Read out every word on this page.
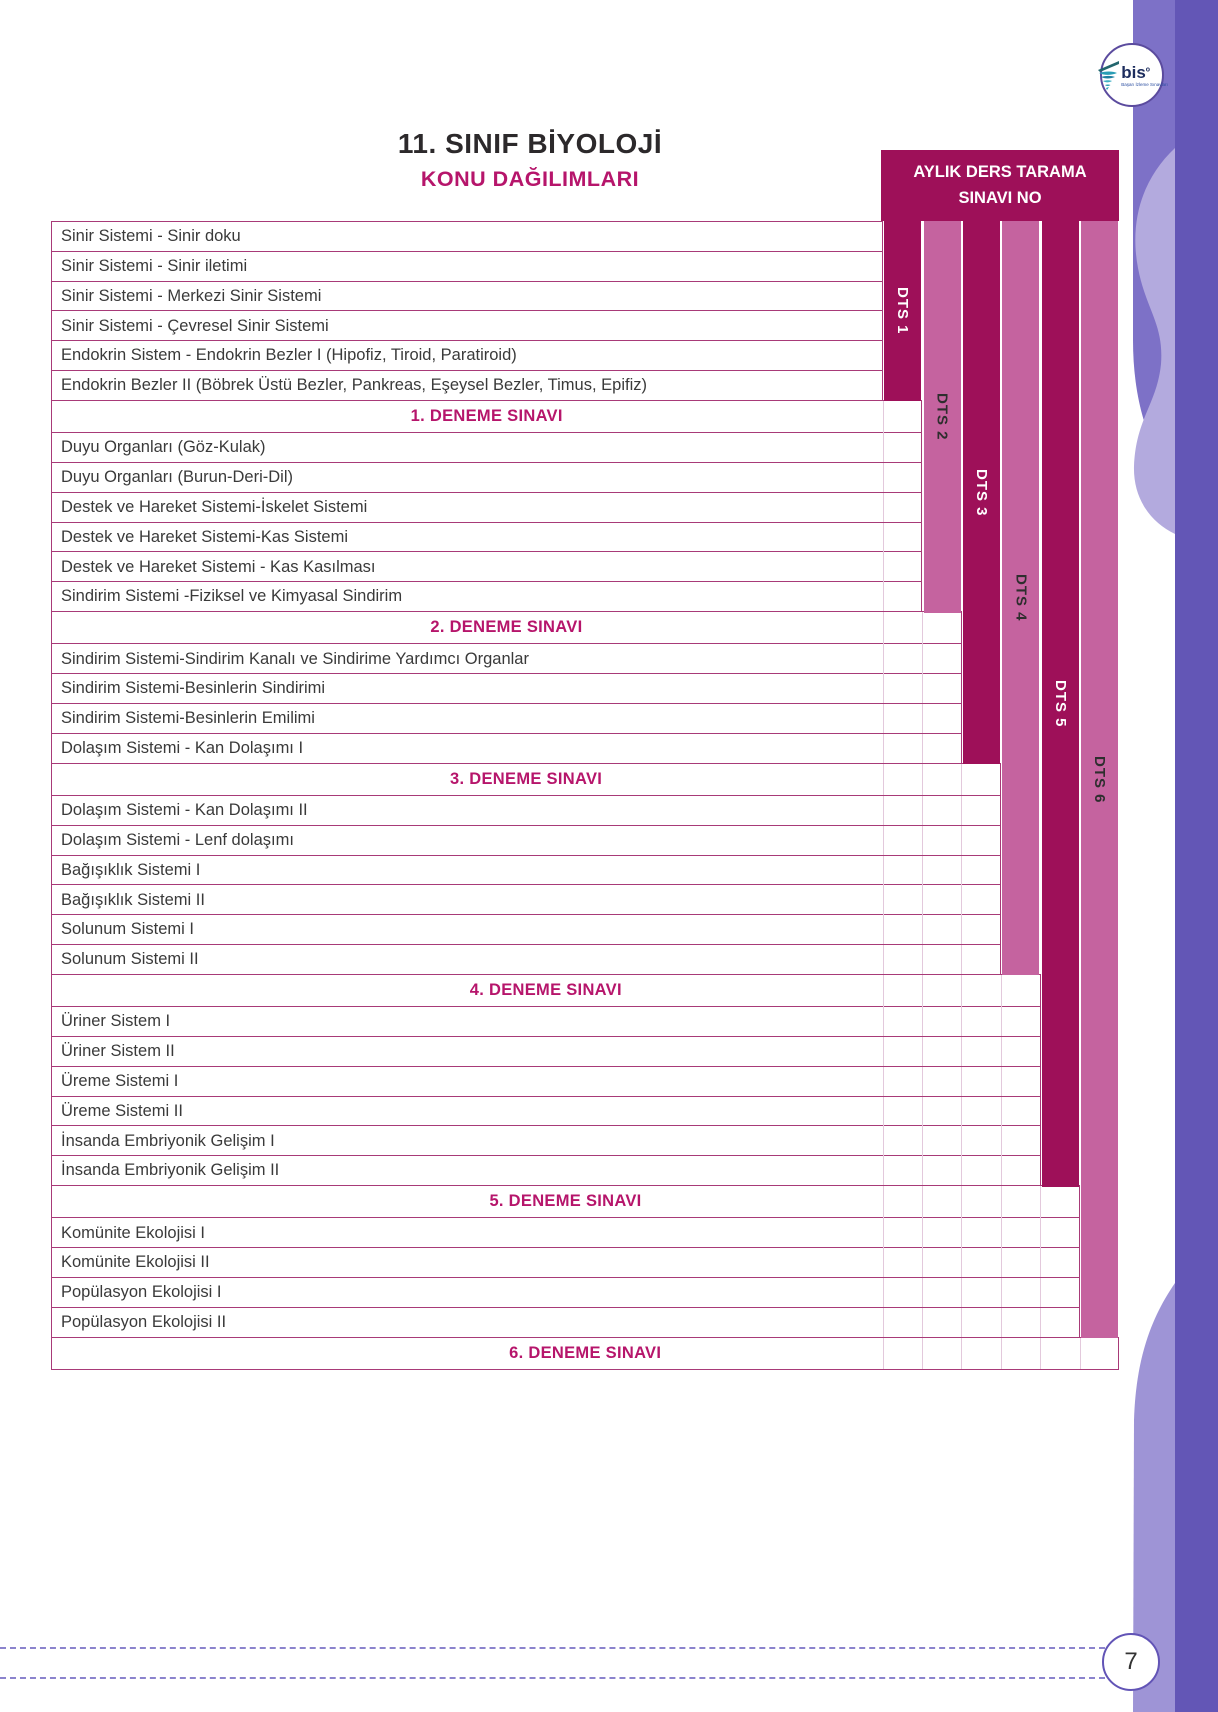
bis$^o$
Başarı İzleme Sınavları
11. SINIF BİYOLOJİ
KONU DAĞILIMLARI	AYLIK DERS TARAMA
SINAVI NO
Sinir Sistemi - Sinir doku
Sinir Sistemi - Sinir iletimi
Sinir Sistemi - Merkezi Sinir Sistemi
Sinir Sistemi - Çevresel Sinir Sistemi
Endokrin Sistem - Endokrin Bezler I (Hipofiz, Tiroid, Paratiroid)
Endokrin Bezler II (Böbrek Üstü Bezler, Pankreas, Eşeysel Bezler, Timus, Epifiz)
1. DENEME SINAVI
Duyu Organları (Göz-Kulak)
Duyu Organları (Burun-Deri-Dil)
Destek ve Hareket Sistemi-İskelet Sistemi
Destek ve Hareket Sistemi-Kas Sistemi
Destek ve Hareket Sistemi - Kas Kasılması
Sindirim Sistemi -Fiziksel ve Kimyasal Sindirim
2. DENEME SINAVI
Sindirim Sistemi-Sindirim Kanalı ve Sindirime Yardımcı Organlar
Sindirim Sistemi-Besinlerin Sindirimi
Sindirim Sistemi-Besinlerin Emilimi
Dolaşım Sistemi - Kan Dolaşımı I
3. DENEME SINAVI
Dolaşım Sistemi - Kan Dolaşımı II
Dolaşım Sistemi - Lenf dolaşımı
Bağışıklık Sistemi I
Bağışıklık Sistemi II
Solunum Sistemi I
Solunum Sistemi II
4. DENEME SINAVI
Üriner Sistem I
Üriner Sistem II
Üreme Sistemi I
Üreme Sistemi II
İnsanda Embriyonik Gelişim I
İnsanda Embriyonik Gelişim II
5. DENEME SINAVI
Komünite Ekolojisi I
Komünite Ekolojisi II
Popülasyon Ekolojisi I
Popülasyon Ekolojisi II
6. DENEME SINAVI
DTS 1
DTS 2
DTS 3
DTS 4
DTS 5
DTS 6
7
